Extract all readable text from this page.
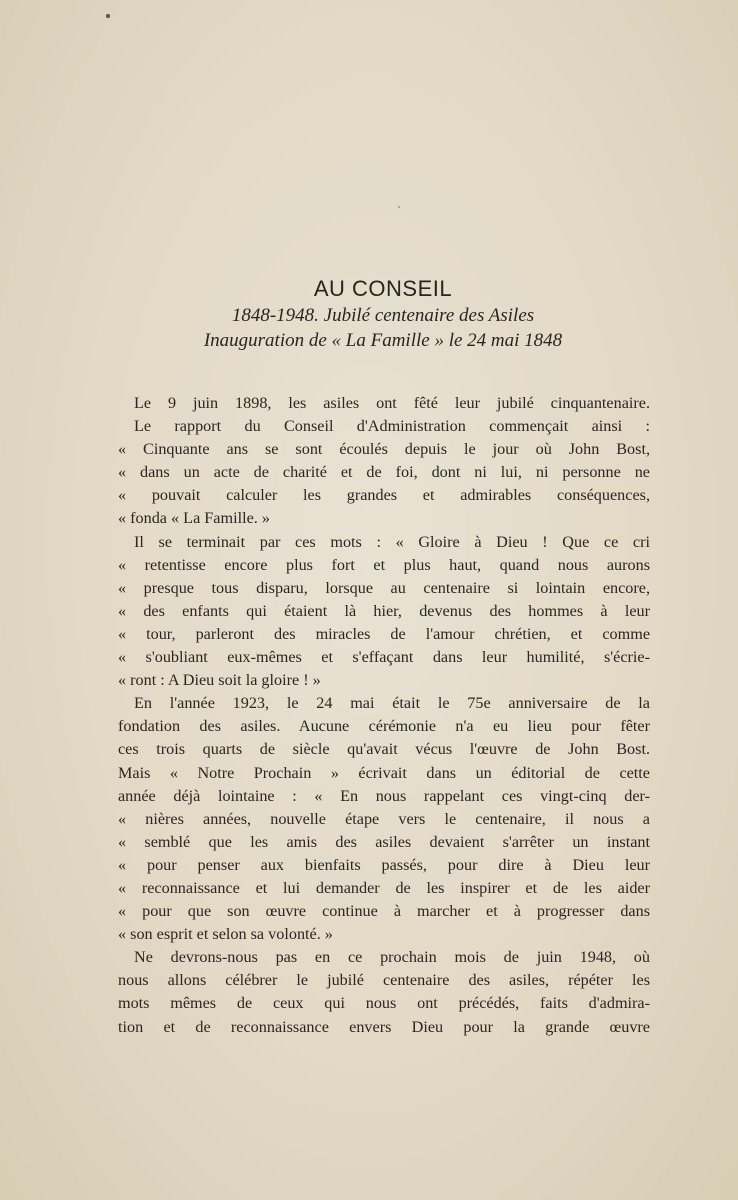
AU CONSEIL
1848-1948. Jubilé centenaire des Asiles
Inauguration de « La Famille » le 24 mai 1848
Le 9 juin 1898, les asiles ont fêté leur jubilé cinquantenaire.
Le rapport du Conseil d'Administration commençait ainsi :
« Cinquante ans se sont écoulés depuis le jour où John Bost,
« dans un acte de charité et de foi, dont ni lui, ni personne ne
« pouvait calculer les grandes et admirables conséquences,
« fonda « La Famille. »
Il se terminait par ces mots : « Gloire à Dieu ! Que ce cri
« retentisse encore plus fort et plus haut, quand nous aurons
« presque tous disparu, lorsque au centenaire si lointain encore,
« des enfants qui étaient là hier, devenus des hommes à leur
« tour, parleront des miracles de l'amour chrétien, et comme
« s'oubliant eux-mêmes et s'effaçant dans leur humilité, s'écrie-
« ront : A Dieu soit la gloire ! »
En l'année 1923, le 24 mai était le 75e anniversaire de la
fondation des asiles. Aucune cérémonie n'a eu lieu pour fêter
ces trois quarts de siècle qu'avait vécus l'œuvre de John Bost.
Mais « Notre Prochain » écrivait dans un éditorial de cette
année déjà lointaine : « En nous rappelant ces vingt-cinq der-
« nières années, nouvelle étape vers le centenaire, il nous a
« semblé que les amis des asiles devaient s'arrêter un instant
« pour penser aux bienfaits passés, pour dire à Dieu leur
« reconnaissance et lui demander de les inspirer et de les aider
« pour que son œuvre continue à marcher et à progresser dans
« son esprit et selon sa volonté. »
Ne devrons-nous pas en ce prochain mois de juin 1948, où
nous allons célébrer le jubilé centenaire des asiles, répéter les
mots mêmes de ceux qui nous ont précédés, faits d'admira-
tion et de reconnaissance envers Dieu pour la grande œuvre
